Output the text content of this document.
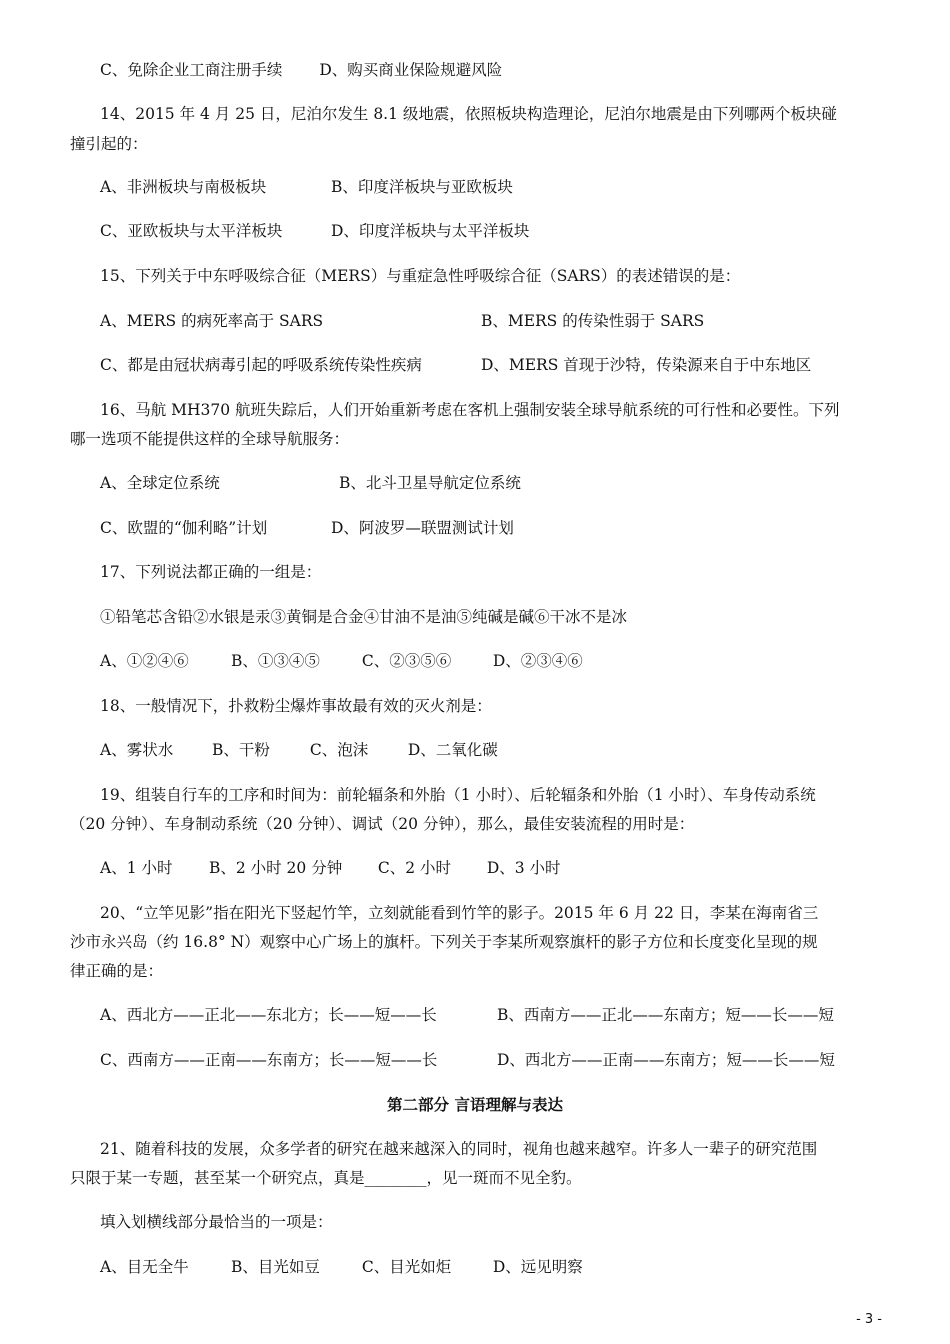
C、免除企业工商注册手续 D、购买商业保险规避风险
14、2015 年 4 月 25 日，尼泊尔发生 8.1 级地震，依照板块构造理论，尼泊尔地震是由下列哪两个板块碰
撞引起的：
A、非洲板块与南极板块	B、印度洋板块与亚欧板块
C、亚欧板块与太平洋板块	D、印度洋板块与太平洋板块
15、下列关于中东呼吸综合征（MERS）与重症急性呼吸综合征（SARS）的表述错误的是：
A、MERS 的病死率高于 SARS	B、MERS 的传染性弱于 SARS
C、都是由冠状病毒引起的呼吸系统传染性疾病	D、MERS 首现于沙特，传染源来自于中东地区
16、马航 MH370 航班失踪后，人们开始重新考虑在客机上强制安装全球导航系统的可行性和必要性。下列
哪一选项不能提供这样的全球导航服务：
A、全球定位系统	B、北斗卫星导航定位系统
C、欧盟的“伽利略”计划	D、阿波罗—联盟测试计划
17、下列说法都正确的一组是：
①铅笔芯含铅②水银是汞③黄铜是合金④甘油不是油⑤纯碱是碱⑥干冰不是冰
A、①②④⑥	B、①③④⑤	C、②③⑤⑥	D、②③④⑥
18、一般情况下，扑救粉尘爆炸事故最有效的灭火剂是：
A、雾状水 B、干粉	C、泡沫	D、二氧化碳
19、组装自行车的工序和时间为：前轮辐条和外胎（1 小时）、后轮辐条和外胎（1 小时）、车身传动系统
（20 分钟）、车身制动系统（20 分钟）、调试（20 分钟），那么，最佳安装流程的用时是：
A、1 小时 B、2 小时 20 分钟 C、2 小时 D、3 小时
20、“立竿见影”指在阳光下竖起竹竿，立刻就能看到竹竿的影子。2015 年 6 月 22 日，李某在海南省三
沙市永兴岛（约 16.8° N）观察中心广场上的旗杆。下列关于李某所观察旗杆的影子方位和长度变化呈现的规
律正确的是：
A、西北方——正北——东北方；长——短——长	B、西南方——正北——东南方；短——长——短
C、西南方——正南——东南方；长——短——长	D、西北方——正南——东南方；短——长——短
第二部分 言语理解与表达
21、随着科技的发展，众多学者的研究在越来越深入的同时，视角也越来越窄。许多人一辈子的研究范围
只限于某一专题，甚至某一个研究点，真是________，见一斑而不见全豹。
填入划横线部分最恰当的一项是：
A、目无全牛	B、目光如豆	C、目光如炬	D、远见明察
- 3 -
